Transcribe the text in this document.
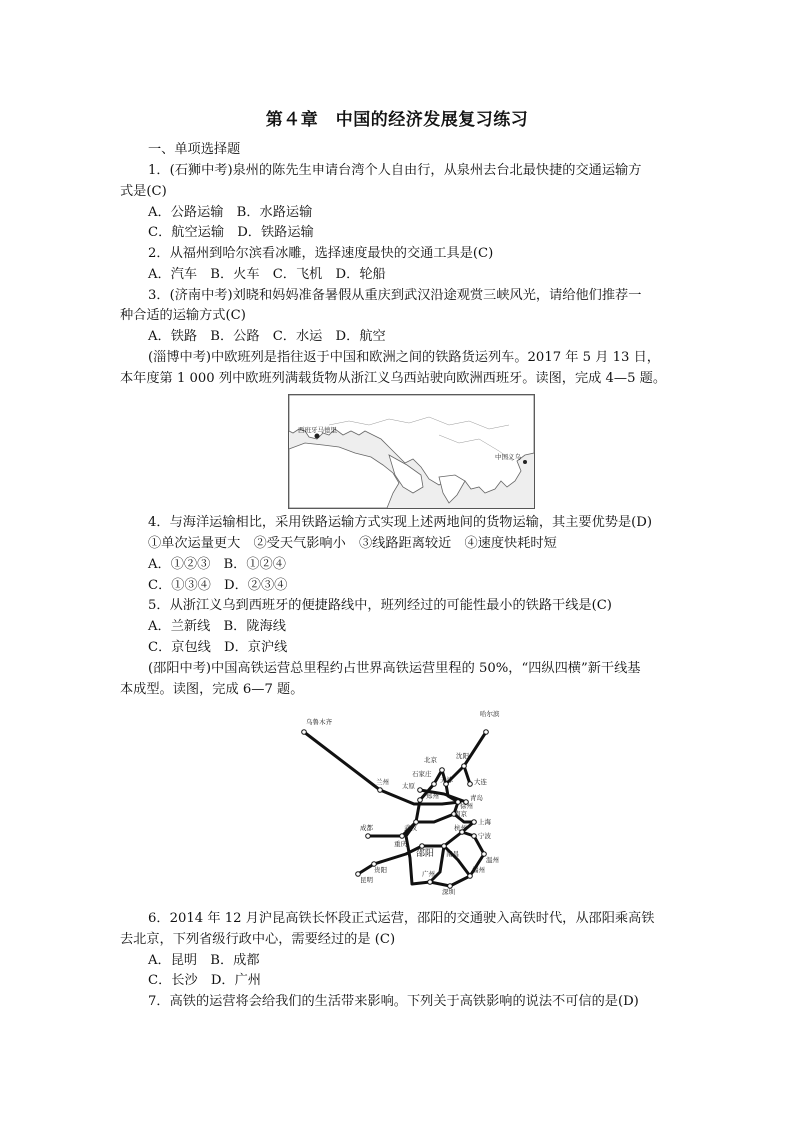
第４章　中国的经济发展复习练习
一、单项选择题
1．(石狮中考)泉州的陈先生申请台湾个人自由行，从泉州去台北最快捷的交通运输方
式是(C)
A．公路运输　B．水路运输
C．航空运输　D．铁路运输
2．从福州到哈尔滨看冰雕，选择速度最快的交通工具是(C)
A．汽车　B．火车　C．飞机　D．轮船
3．(济南中考)刘晓和妈妈准备暑假从重庆到武汉沿途观赏三峡风光，请给他们推荐一
种合适的运输方式(C)
A．铁路　B．公路　C．水运　D．航空
(淄博中考)中欧班列是指往返于中国和欧洲之间的铁路货运列车。2017 年 5 月 13 日，
本年度第 1 000 列中欧班列满载货物从浙江义乌西站驶向欧洲西班牙。读图，完成 4—5 题。
西班牙马德里
中国义乌
4．与海洋运输相比，采用铁路运输方式实现上述两地间的货物运输，其主要优势是(D)
①单次运量更大　②受天气影响小　③线路距离较近　④速度快耗时短
A．①②③　B．①②④
C．①③④　D．②③④
5．从浙江义乌到西班牙的便捷路线中，班列经过的可能性最小的铁路干线是(C)
A．兰新线　B．陇海线
C．京包线　D．京沪线
(邵阳中考)中国高铁运营总里程约占世界高铁运营里程的 50%，“四纵四横”新干线基
本成型。读图，完成 6—7 题。
乌鲁木齐
哈尔滨
沈阳
北京
石家庄
天津	大连
太原
青岛
兰州
郑州
徐州
南京
上海
武汉	杭州
宁波
成都
重庆
邵阳 南昌
温州
福州
贵阳
昆明
广州
深圳
6．2014 年 12 月沪昆高铁长怀段正式运营，邵阳的交通驶入高铁时代，从邵阳乘高铁
去北京，下列省级行政中心，需要经过的是 (C)
A．昆明　B．成都
C．长沙　D．广州
7．高铁的运营将会给我们的生活带来影响。下列关于高铁影响的说法不可信的是(D)
